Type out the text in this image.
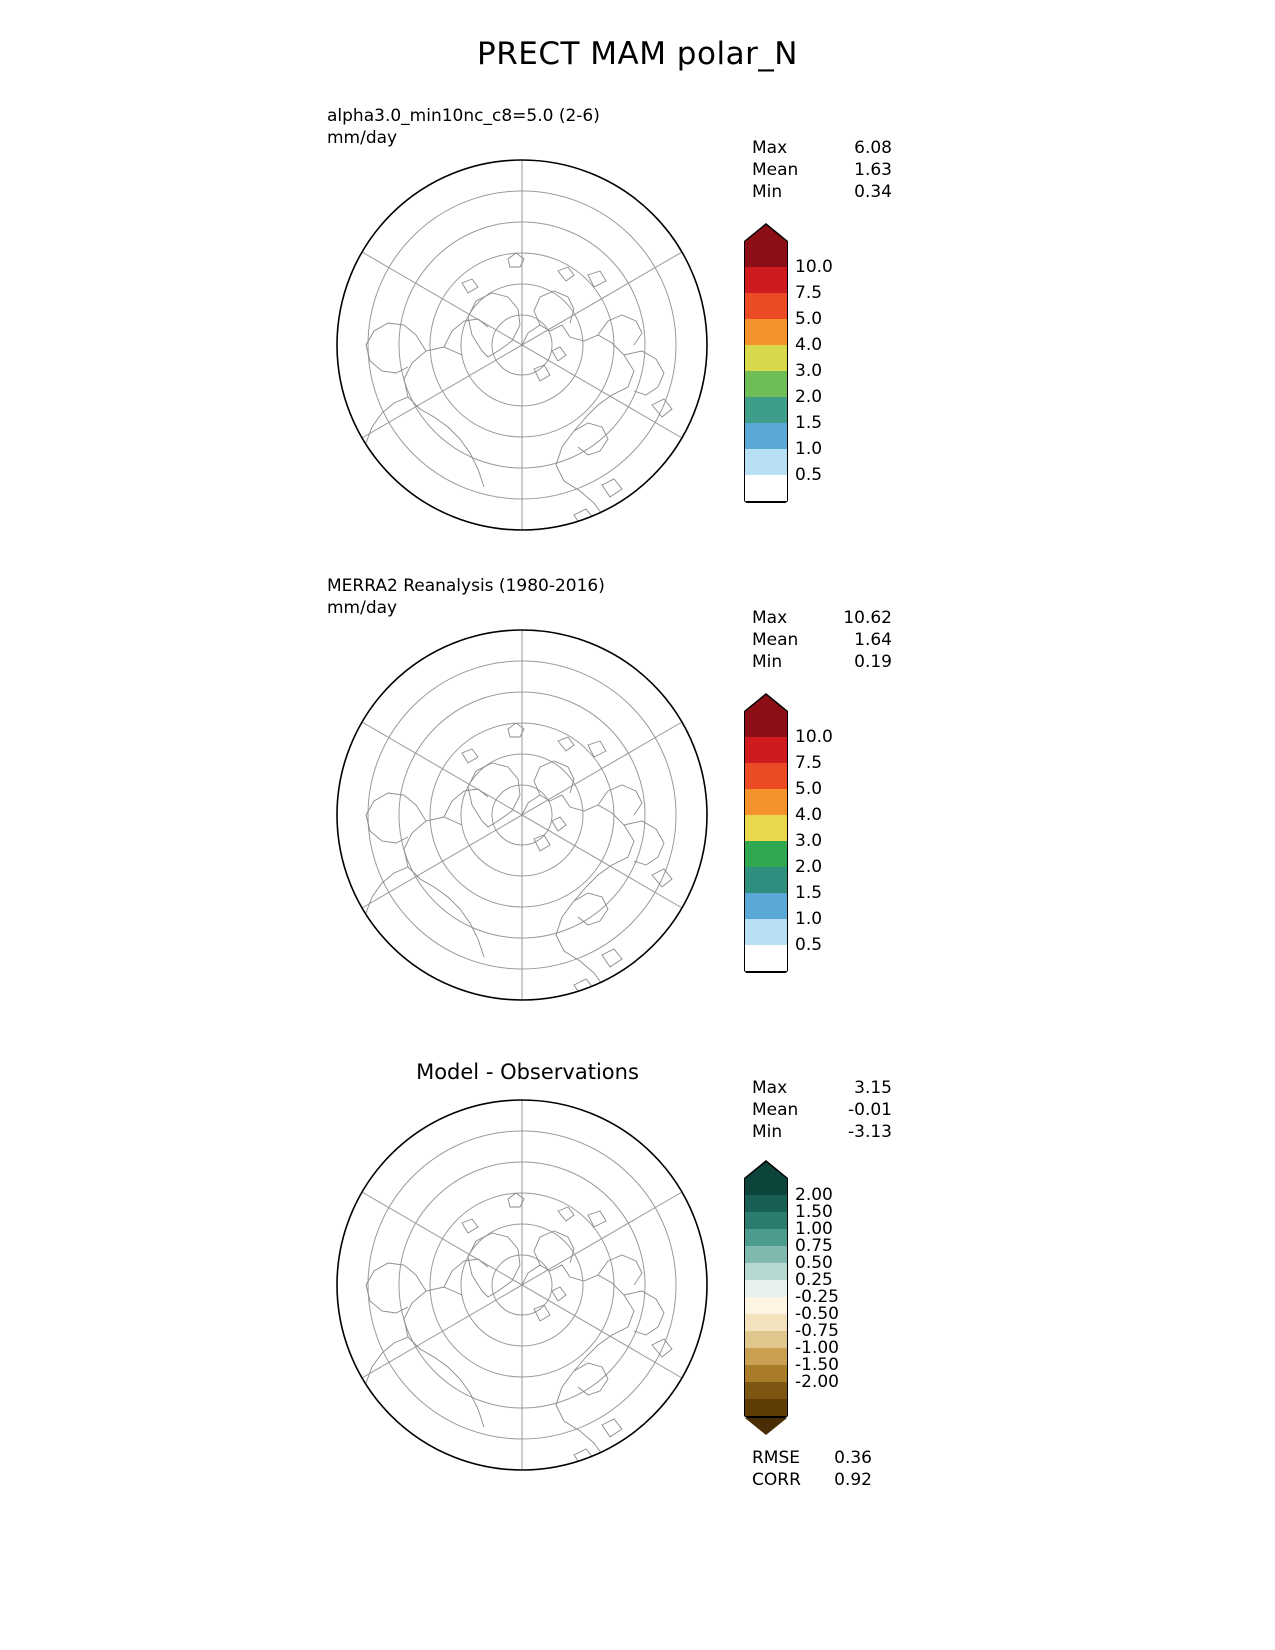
PRECT MAM polar_N
alpha3.0_min10nc_c8=5.0 (2-6)
mm/day	Max	6.08
Mean	1.63
Min	0.34
10.0
7.5
5.0
4.0
3.0
2.0
1.5
1.0
0.5
MERRA2 Reanalysis (1980-2016)
mm/day	Max	10.62
Mean	1.64
Min	0.19
10.0
7.5
5.0
4.0
3.0
2.0
1.5
1.0
0.5
Model - Observations
Max	3.15
Mean	-0.01
Min	-3.13
2.00
1.50
1.00
0.75
0.50
0.25
-0.25
-0.50
-0.75
-1.00
-1.50
-2.00
RMSE 0.36
CORR 0.92
